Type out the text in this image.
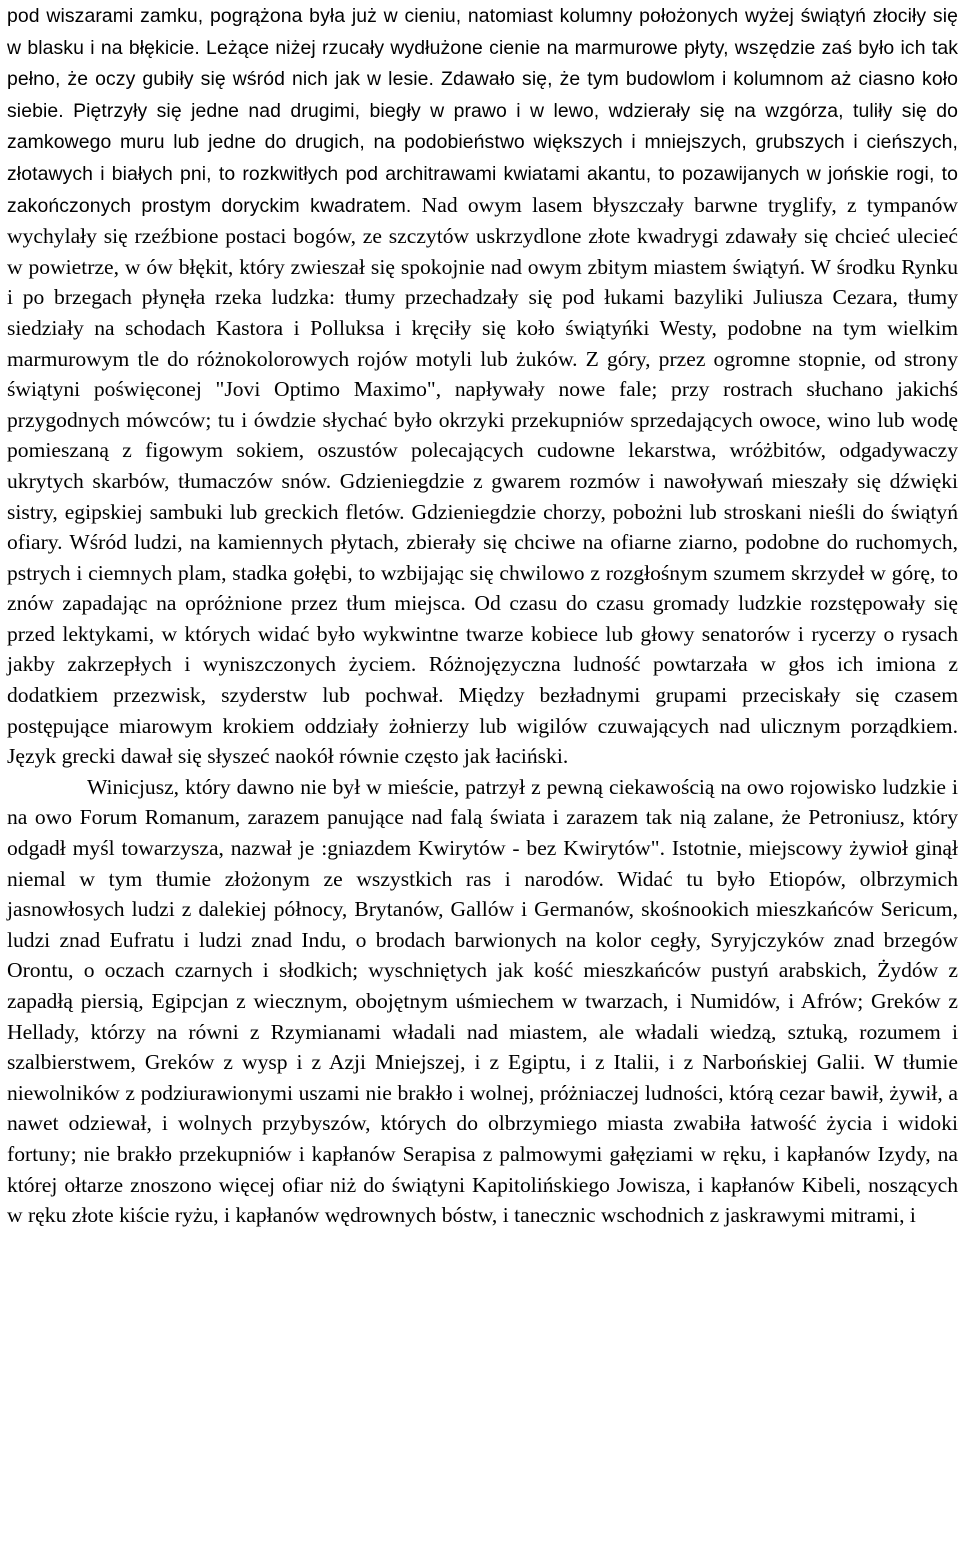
pod wiszarami zamku, pogrążona była już w cieniu, natomiast kolumny położonych wyżej świątyń złociły się w blasku i na błękicie. Leżące niżej rzucały wydłużone cienie na marmurowe płyty, wszędzie zaś było ich tak pełno, że oczy gubiły się wśród nich jak w lesie. Zdawało się, że tym budowlom i kolumnom aż ciasno koło siebie. Piętrzyły się jedne nad drugimi, biegły w prawo i w lewo, wdzierały się na wzgórza, tuliły się do zamkowego muru lub jedne do drugich, na podobieństwo większych i mniejszych, grubszych i cieńszych, złotawych i białych pni, to rozkwitłych pod architrawami kwiatami akantu, to pozawijanych w jońskie rogi, to zakończonych prostym doryckim kwadratem. Nad owym lasem błyszczały barwne tryglify, z tympanów wychylały się rzeźbione postaci bogów, ze szczytów uskrzydlone złote kwadrygi zdawały się chcieć ulecieć w powietrze, w ów błękit, który zwieszał się spokojnie nad owym zbitym miastem świątyń. W środku Rynku i po brzegach płynęła rzeka ludzka: tłumy przechadzały się pod łukami bazyliki Juliusza Cezara, tłumy siedziały na schodach Kastora i Polluksa i kręciły się koło świątyńki Westy, podobne na tym wielkim marmurowym tle do różnokolorowych rojów motyli lub żuków. Z góry, przez ogromne stopnie, od strony świątyni poświęconej "Jovi Optimo Maximo", napływały nowe fale; przy rostrach słuchano jakichś przygodnych mówców; tu i ówdzie słychać było okrzyki przekupniów sprzedających owoce, wino lub wodę pomieszaną z figowym sokiem, oszustów polecających cudowne lekarstwa, wróżbitów, odgadywaczy ukrytych skarbów, tłumaczów snów. Gdzieniegdzie z gwarem rozmów i nawoływań mieszały się dźwięki sistry, egipskiej sambuki lub greckich fletów. Gdzieniegdzie chorzy, pobożni lub stroskani nieśli do świątyń ofiary. Wśród ludzi, na kamiennych płytach, zbierały się chciwe na ofiarne ziarno, podobne do ruchomych, pstrych i ciemnych plam, stadka gołębi, to wzbijając się chwilowo z rozgłośnym szumem skrzydeł w górę, to znów zapadając na opróżnione przez tłum miejsca. Od czasu do czasu gromady ludzkie rozstępowały się przed lektykami, w których widać było wykwintne twarze kobiece lub głowy senatorów i rycerzy o rysach jakby zakrzepłych i wyniszczonych życiem. Różnojęzyczna ludność powtarzała w głos ich imiona z dodatkiem przezwisk, szyderstw lub pochwał. Między bezładnymi grupami przeciskały się czasem postępujące miarowym krokiem oddziały żołnierzy lub wigilów czuwających nad ulicznym porządkiem. Język grecki dawał się słyszeć naokół równie często jak łaciński.

Winicjusz, który dawno nie był w mieście, patrzył z pewną ciekawością na owo rojowisko ludzkie i na owo Forum Romanum, zarazem panujące nad falą świata i zarazem tak nią zalane, że Petroniusz, który odgadł myśl towarzysza, nazwał je :gniazdem Kwirytów - bez Kwirytów". Istotnie, miejscowy żywioł ginął niemal w tym tłumie złożonym ze wszystkich ras i narodów. Widać tu było Etiopów, olbrzymich jasnowłosych ludzi z dalekiej północy, Brytanów, Gallów i Germanów, skośnookich mieszkańców Sericum, ludzi znad Eufratu i ludzi znad Indu, o brodach barwionych na kolor cegły, Syryjczyków znad brzegów Orontu, o oczach czarnych i słodkich; wyschniętych jak kość mieszkańców pustyń arabskich, Żydów z zapadłą piersią, Egipcjan z wiecznym, obojętnym uśmiechem w twarzach, i Numidów, i Afrów; Greków z Hellady, którzy na równi z Rzymianami władali nad miastem, ale władali wiedzą, sztuką, rozumem i szalbierstwem, Greków z wysp i z Azji Mniejszej, i z Egiptu, i z Italii, i z Narbońskiej Galii. W tłumie niewolników z podziurawionymi uszami nie brakło i wolnej, próżniaczej ludności, którą cezar bawił, żywił, a nawet odziewał, i wolnych przybyszów, których do olbrzymiego miasta zwabiła łatwość życia i widoki fortuny; nie brakło przekupniów i kapłanów Serapisa z palmowymi gałęziami w ręku, i kapłanów Izydy, na której ołtarze znoszono więcej ofiar niż do świątyni Kapitolińskiego Jowisza, i kapłanów Kibeli, noszących w ręku złote kiście ryżu, i kapłanów wędrownych bóstw, i tanecznic wschodnich z jaskrawymi mitrami, i
